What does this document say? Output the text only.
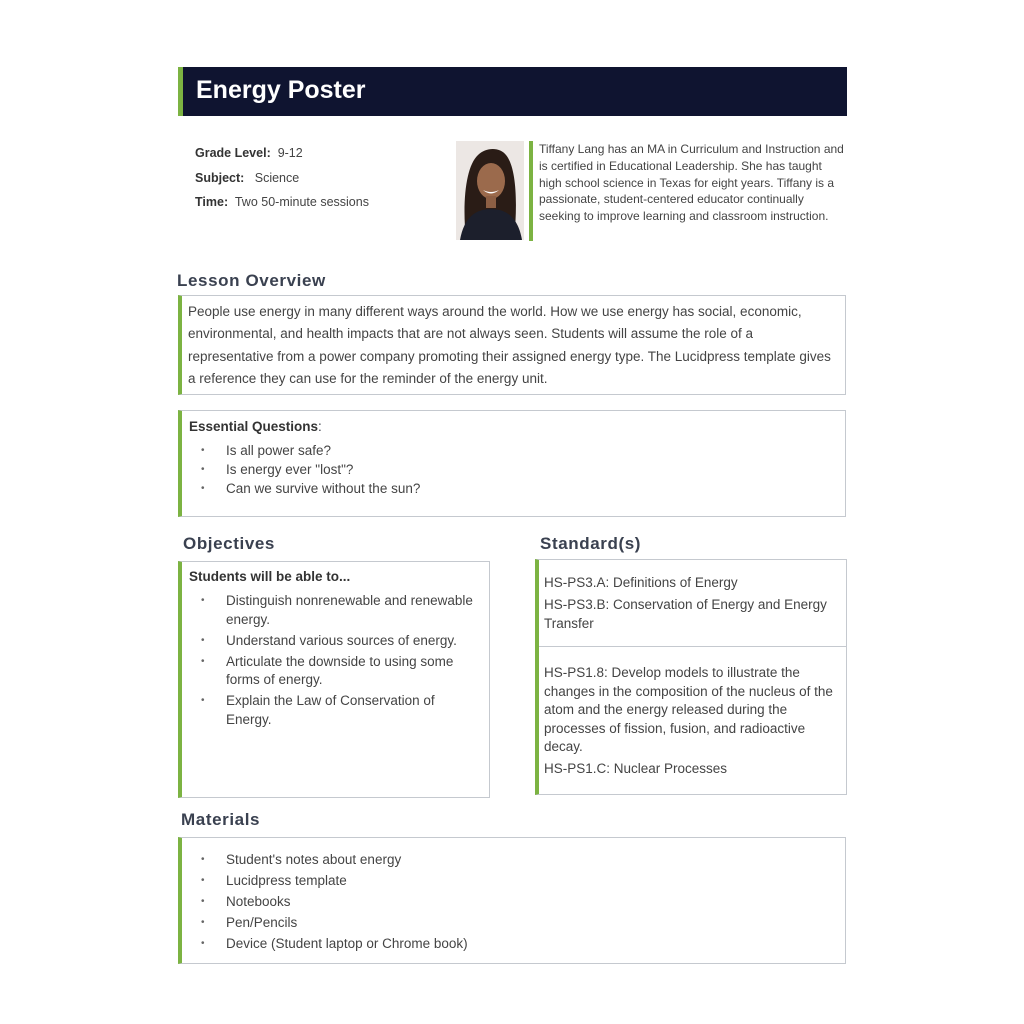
Energy Poster
Grade Level: 9-12
Subject: Science
Time: Two 50-minute sessions
Tiffany Lang has an MA in Curriculum and Instruction and is certified in Educational Leadership. She has taught high school science in Texas for eight years. Tiffany is a passionate, student-centered educator continually seeking to improve learning and classroom instruction.
Lesson Overview

People use energy in many different ways around the world. How we use energy has social, economic, environmental, and health impacts that are not always seen. Students will assume the role of a representative from a power company promoting their assigned energy type. The Lucidpress template gives a reference they can use for the reminder of the energy unit.

Essential Questions:
• Is all power safe?
• Is energy ever "lost"?
• Can we survive without the sun?
Objectives
Students will be able to...
• Distinguish nonrenewable and renewable energy.
• Understand various sources of energy.
• Articulate the downside to using some forms of energy.
• Explain the Law of Conservation of Energy.
Standard(s)

HS-PS3.A: Definitions of Energy

HS-PS3.B: Conservation of Energy and Energy Transfer

HS-PS1.8: Develop models to illustrate the changes in the composition of the nucleus of the atom and the energy released during the processes of fission, fusion, and radioactive decay.

HS-PS1.C: Nuclear Processes

Materials
• Student's notes about energy
• Lucidpress template
• Notebooks
• Pen/Pencils
• Device (Student laptop or Chrome book)
